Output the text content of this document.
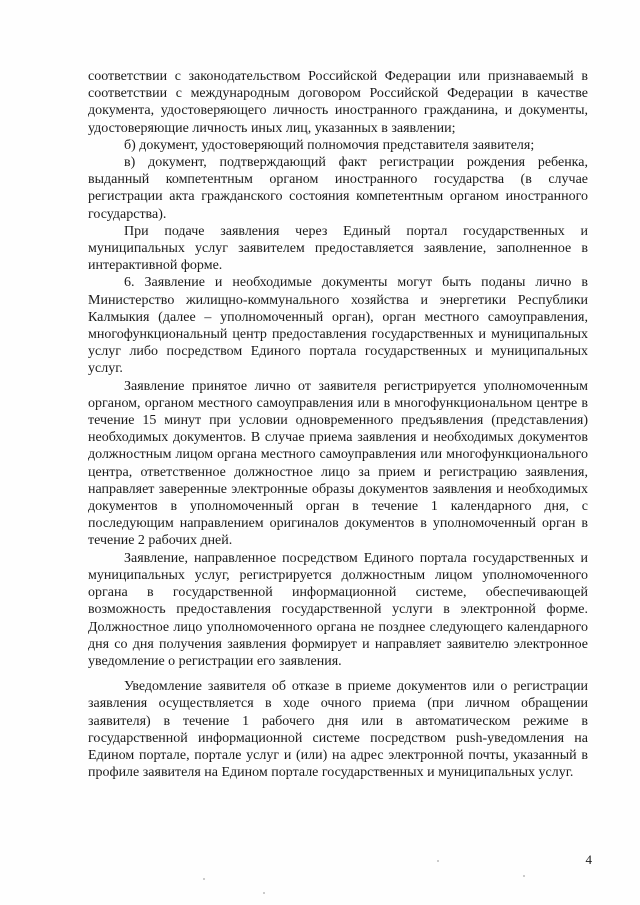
соответствии с законодательством Российской Федерации или признаваемый в соответствии с международным договором Российской Федерации в качестве документа, удостоверяющего личность иностранного гражданина, и документы, удостоверяющие личность иных лиц, указанных в заявлении;

б) документ, удостоверяющий полномочия представителя заявителя;

в) документ, подтверждающий факт регистрации рождения ребенка, выданный компетентным органом иностранного государства (в случае регистрации акта гражданского состояния компетентным органом иностранного государства).

При подаче заявления через Единый портал государственных и муниципальных услуг заявителем предоставляется заявление, заполненное в интерактивной форме.

6. Заявление и необходимые документы могут быть поданы лично в Министерство жилищно-коммунального хозяйства и энергетики Республики Калмыкия (далее – уполномоченный орган), орган местного самоуправления, многофункциональный центр предоставления государственных и муниципальных услуг либо посредством Единого портала государственных и муниципальных услуг.

Заявление принятое лично от заявителя регистрируется уполномоченным органом, органом местного самоуправления или в многофункциональном центре в течение 15 минут при условии одновременного предъявления (представления) необходимых документов. В случае приема заявления и необходимых документов должностным лицом органа местного самоуправления или многофункционального центра, ответственное должностное лицо за прием и регистрацию заявления, направляет заверенные электронные образы документов заявления и необходимых документов в уполномоченный орган в течение 1 календарного дня, с последующим направлением оригиналов документов в уполномоченный орган в течение 2 рабочих дней.

Заявление, направленное посредством Единого портала государственных и муниципальных услуг, регистрируется должностным лицом уполномоченного органа в государственной информационной системе, обеспечивающей возможность предоставления государственной услуги в электронной форме. Должностное лицо уполномоченного органа не позднее следующего календарного дня со дня получения заявления формирует и направляет заявителю электронное уведомление о регистрации его заявления.

Уведомление заявителя об отказе в приеме документов или о регистрации заявления осуществляется в ходе очного приема (при личном обращении заявителя) в течение 1 рабочего дня или в автоматическом режиме в государственной информационной системе посредством push-уведомления на Едином портале, портале услуг и (или) на адрес электронной почты, указанный в профиле заявителя на Едином портале государственных и муниципальных услуг.

4
